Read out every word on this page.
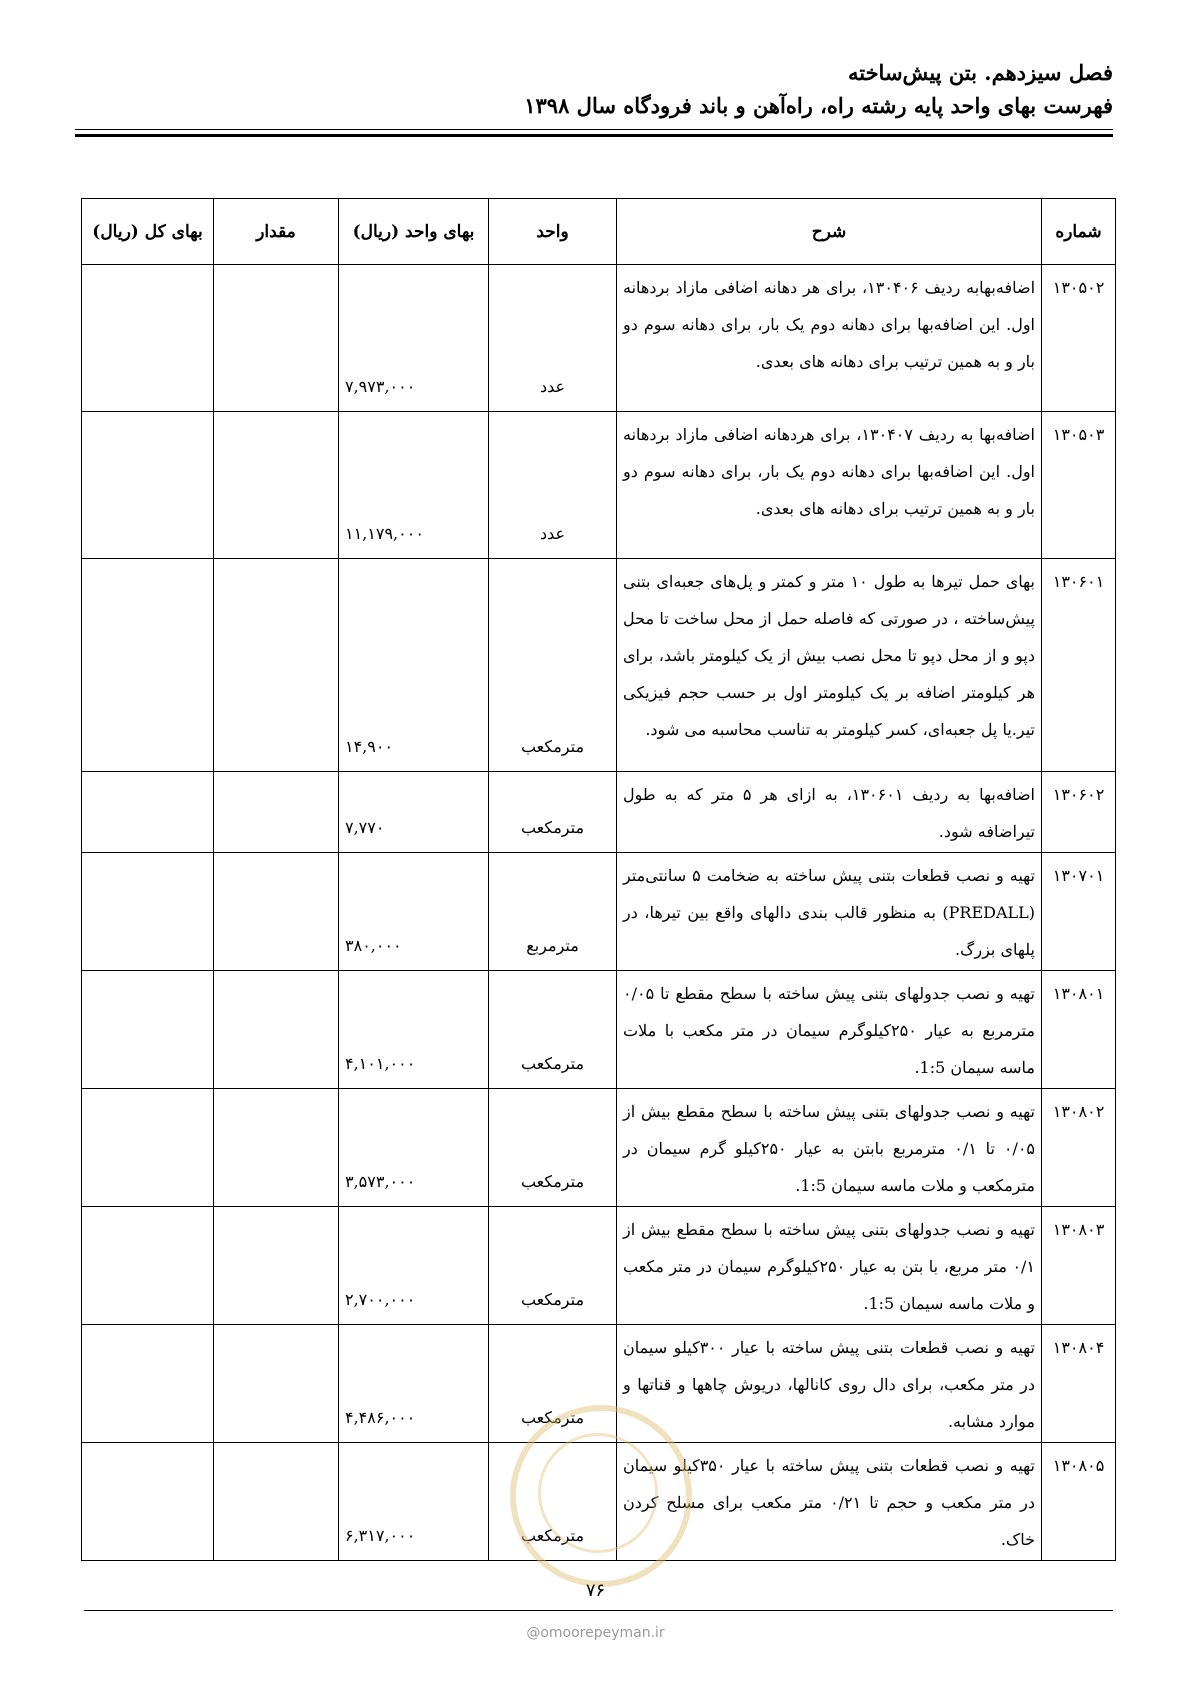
فصل سیزدهم. بتن پیش‌ساخته
فهرست بهای واحد پایه رشته راه، راه‌آهن و باند فرودگاه سال ۱۳۹۸
شماره	شرح	واحد	بهای واحد (ریال)	مقدار	بهای کل (ریال)
۱۳۰۵۰۲	اضافه‌بهابه ردیف ۱۳۰۴۰۶، برای هر دهانه اضافی مازاد بردهانه اول. این اضافه‌بها برای دهانه دوم یک بار، برای دهانه سوم دو بار و به همین ترتیب برای دهانه های بعدی.	عدد	۷,۹۷۳,۰۰۰		
۱۳۰۵۰۳	اضافه‌بها به ردیف ۱۳۰۴۰۷، برای هردهانه اضافی مازاد بردهانه اول. این اضافه‌بها برای دهانه دوم یک بار، برای دهانه سوم دو بار و به همین ترتیب برای دهانه های بعدی.	عدد	۱۱,۱۷۹,۰۰۰		
۱۳۰۶۰۱	بهای حمل تیرها به طول ۱۰ متر و کمتر و پل‌های جعبه‌ای بتنی پیش‌ساخته ، در صورتی که فاصله حمل از محل ساخت تا محل دپو و از محل دپو تا محل نصب بیش از یک کیلومتر باشد، برای هر کیلومتر اضافه بر یک کیلومتر اول بر حسب حجم فیزیکی تیر.یا پل جعبه‌ای، کسر کیلومتر به تناسب محاسبه می شود.	مترمکعب	۱۴,۹۰۰		
۱۳۰۶۰۲	اضافه‌بها به ردیف ۱۳۰۶۰۱، به ازای هر ۵ متر که به طول تیراضافه شود.	مترمکعب	۷,۷۷۰		
۱۳۰۷۰۱	تهیه و نصب قطعات بتنی پیش ساخته به ضخامت ۵ سانتی‌متر (PREDALL) به منظور قالب بندی دالهای واقع بین تیرها، در پلهای بزرگ.	مترمربع	۳۸۰,۰۰۰		
۱۳۰۸۰۱	تهیه و نصب جدولهای بتنی پیش ساخته با سطح مقطع تا ۰/۰۵ مترمربع به عیار ۲۵۰کیلوگرم سیمان در متر مکعب با ملات ماسه سیمان 1:5.	مترمکعب	۴,۱۰۱,۰۰۰		
۱۳۰۸۰۲	تهیه و نصب جدولهای بتنی پیش ساخته با سطح مقطع بیش از ۰/۰۵ تا ۰/۱ مترمربع بابتن به عیار ۲۵۰کیلو گرم سیمان در مترمکعب و ملات ماسه سیمان 1:5.	مترمکعب	۳,۵۷۳,۰۰۰		
۱۳۰۸۰۳	تهیه و نصب جدولهای بتنی پیش ساخته با سطح مقطع بیش از ۰/۱ متر مربع، با بتن به عیار ۲۵۰کیلوگرم سیمان در متر مکعب و ملات ماسه سیمان 1:5.	مترمکعب	۲,۷۰۰,۰۰۰		
۱۳۰۸۰۴	تهیه و نصب قطعات بتنی پیش ساخته با عیار ۳۰۰کیلو سیمان در متر مکعب، برای دال روی کانالها، دریوش چاهها و قناتها و موارد مشابه.	مترمکعب	۴,۴۸۶,۰۰۰		
۱۳۰۸۰۵	تهیه و نصب قطعات بتنی پیش ساخته با عیار ۳۵۰کیلو سیمان در متر مکعب و حجم تا ۰/۲۱ متر مکعب برای مسلح کردن خاک.	مترمکعب	۶,۳۱۷,۰۰۰		
۷۶
@omoorepeyman.ir
